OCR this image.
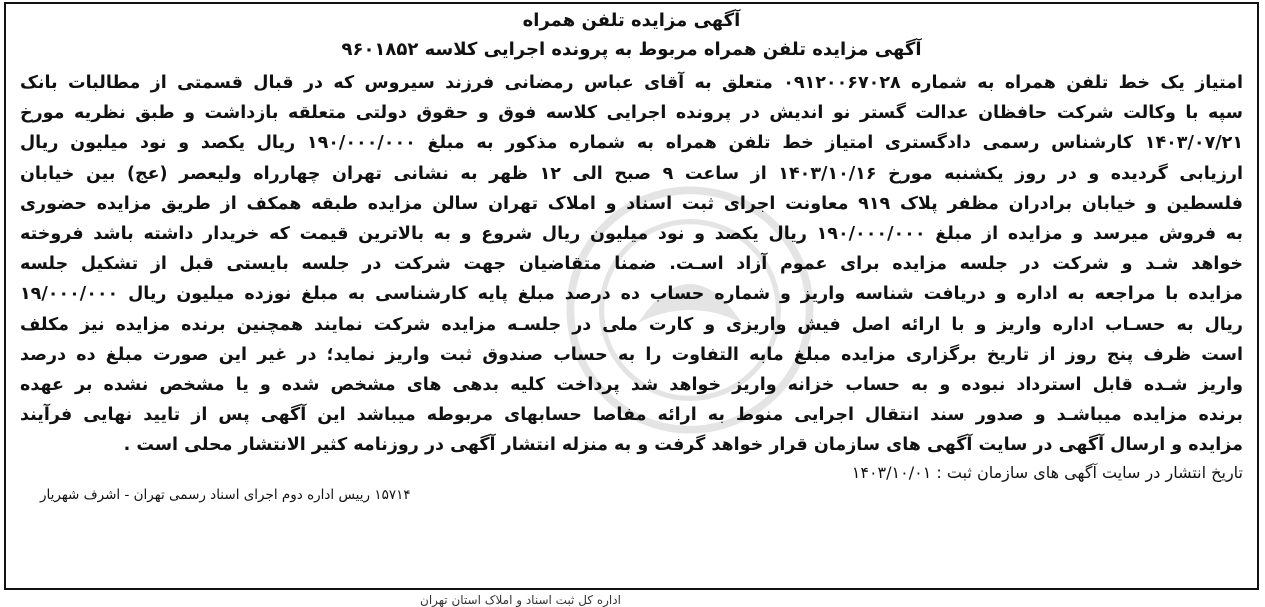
آگهی مزایده تلفن همراه

آگهی مزایده تلفن همراه مربوط به پرونده اجرایی کلاسه ۹۶۰۱۸۵۲

امتیاز یک خط تلفن همراه به شماره ۰۹۱۲۰۰۶۷۰۲۸ متعلق به آقای عباس رمضانی فرزند سیروس که در قبال قسمتی از مطالبات بانک
سپه با وکالت شرکت حافظان عدالت گستر نو اندیش در پرونده اجرایی کلاسه فوق و حقوق دولتی متعلقه بازداشت و طبق نظریه مورخ
۱۴۰۳/۰۷/۲۱ کارشناس رسمی دادگستری امتیاز خط تلفن همراه به شماره مذکور به مبلغ ۱۹۰/۰۰۰/۰۰۰ ریال یکصد و نود میلیون ریال
ارزیابی گردیده و در روز یکشنبه مورخ ۱۴۰۳/۱۰/۱۶ از ساعت ۹ صبح الی ۱۲ ظهر به نشانی تهران چهارراه ولیعصر (عج) بین خیابان
فلسطین و خیابان برادران مظفر پلاک ۹۱۹ معاونت اجرای ثبت اسناد و املاک تهران سالن مزایده طبقه همکف از طریق مزایده حضوری
به فروش میرسد و مزایده از مبلغ ۱۹۰/۰۰۰/۰۰۰ ریال یکصد و نود میلیون ریال شروع و به بالاترین قیمت که خریدار داشته باشد فروخته
خواهد شـد و شرکت در جلسه مزایده برای عموم آزاد اسـت. ضمنا متقاضیان جهت شرکت در جلسه بایستی قبل از تشکیل جلسه
مزایده با مراجعه به اداره و دریافت شناسه واریز و شماره حساب ده درصد مبلغ پایه کارشناسی به مبلغ نوزده میلیون ریال ۱۹/۰۰۰/۰۰۰
ریال به حسـاب اداره واریز و با ارائه اصل فیش واریزی و کارت ملی در جلسـه مزایده شرکت نمایند همچنین برنده مزایده نیز مکلف
است ظرف پنج روز از تاریخ برگزاری مزایده مبلغ مابه التفاوت را به حساب صندوق ثبت واریز نماید؛ در غیر این صورت مبلغ ده درصد
واریز شـده قابل استرداد نبوده و به حساب خزانه واریز خواهد شد پرداخت کلیه بدهی های مشخص شده و یا مشخص نشده بر عهده
برنده مزایده میباشـد و صدور سند انتقال اجرایی منوط به ارائه مفاصا حسابهای مربوطه میباشد این آگهی پس از تایید نهایی فرآیند
مزایده و ارسال آگهی در سایت آگهی های سازمان قرار خواهد گرفت و به منزله انتشار آگهی در روزنامه کثیر الانتشار محلی است .
تاریخ انتشار در سایت آگهی های سازمان ثبت : ۱۴۰۳/۱۰/۰۱
۱۵۷۱۴ رییس اداره دوم اجرای اسناد رسمی تهران - اشرف شهریار
اداره کل ثبت اسناد و املاک استان تهران
